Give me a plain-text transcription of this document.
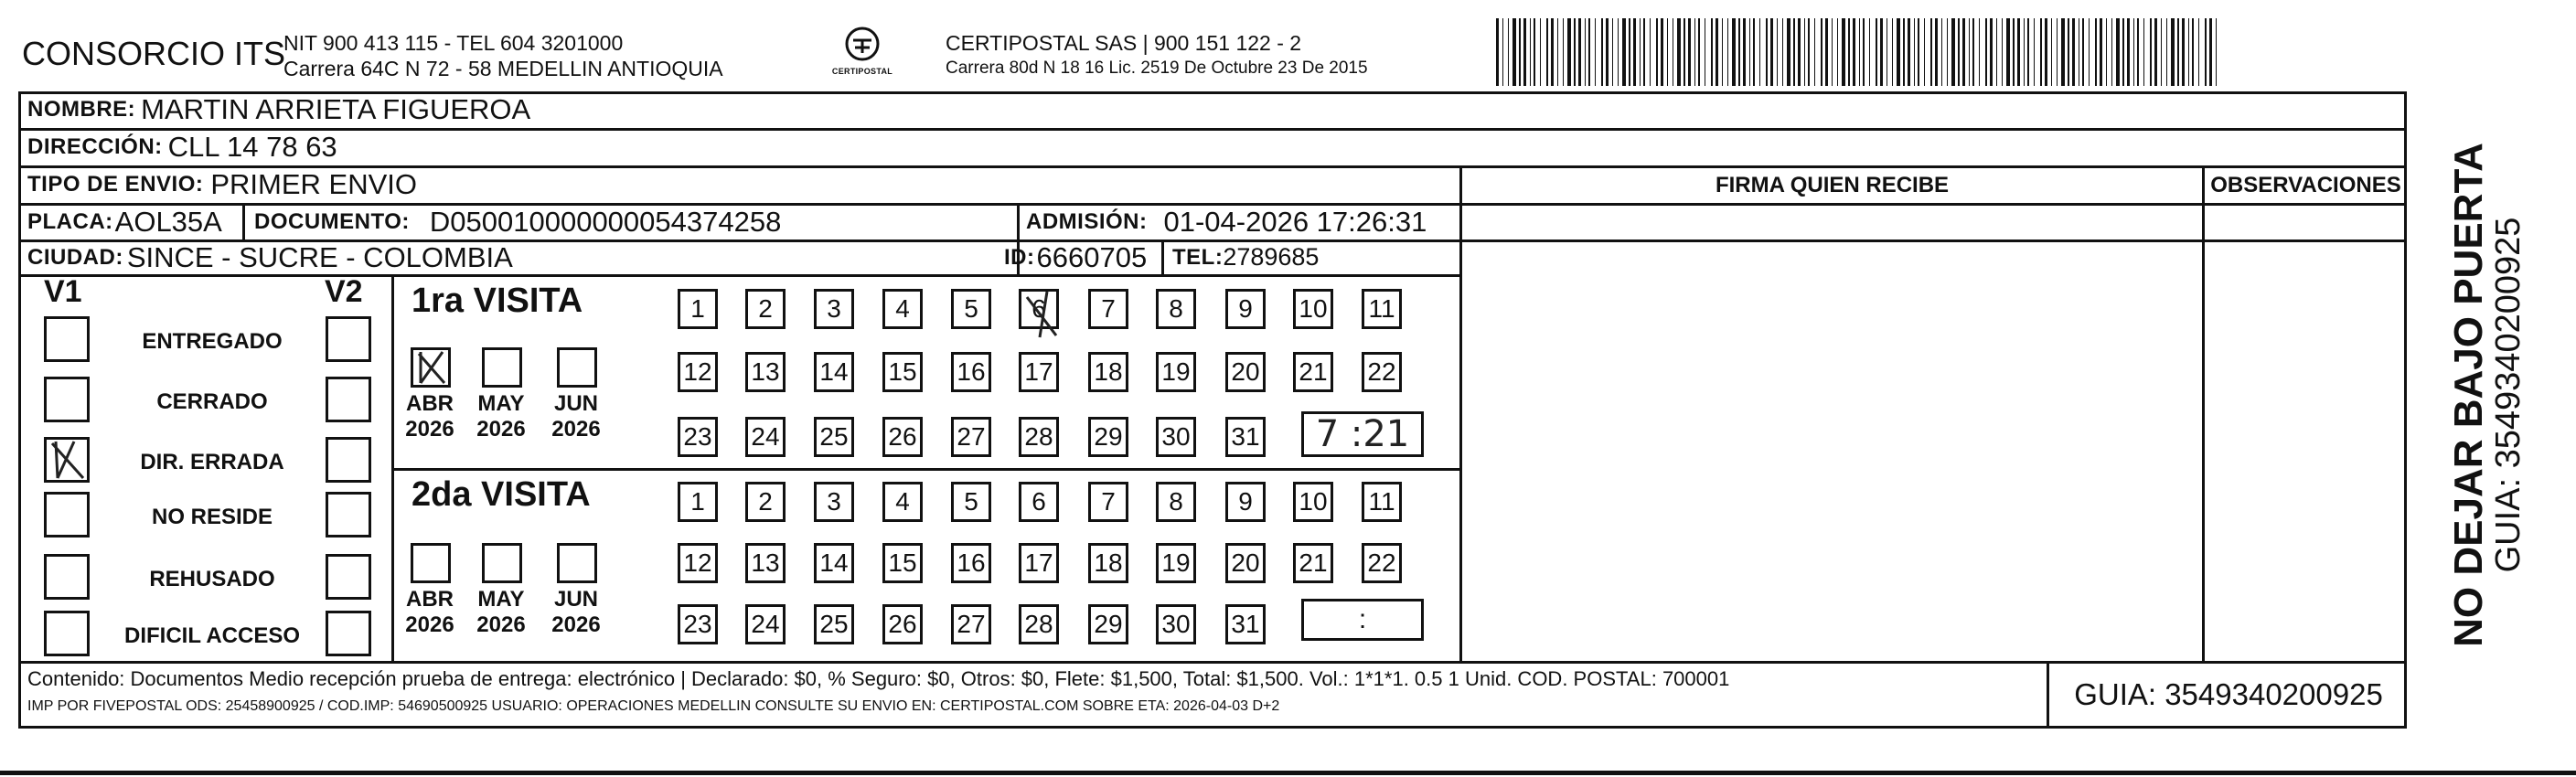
CONSORCIO ITS
NIT 900 413 115 - TEL 604 3201000
Carrera 64C N 72 - 58 MEDELLIN ANTIOQUIA	CERTIPOSTAL
CERTIPOSTAL SAS | 900 151 122 - 2
Carrera 80d N 18 16 Lic. 2519 De Octubre 23 De 2015
NOMBRE: MARTIN ARRIETA FIGUEROA
DIRECCIÓN: CLL 14 78 63
TIPO DE ENVIO: PRIMER ENVIO	FIRMA QUIEN RECIBE	OBSERVACIONES
PLACA: AOL35A DOCUMENTO: D050010000000054374258	ADMISIÓN: 01-04-2026 17:26:31
CIUDAD: SINCE - SUCRE - COLOMBIA	ID: 6660705 TEL: 2789685
V1	V2
ENTREGADO
CERRADO
DIR. ERRADA
NO RESIDE
REHUSADO
DIFICIL ACCESO
1ra VISITA
ABR
2026
MAY
2026
JUN
2026
1 2 3 4 5 6 7 8 9 10 11
12 13 14 15 16 17 18 19 20 21 22
23 24 25 26 27 28 29 30 31 7 :21
2da VISITA
ABR
2026
MAY
2026
JUN
2026
1 2 3 4 5 6 7 8 9 10 11
12 13 14 15 16 17 18 19 20 21 22
23 24 25 26 27 28 29 30 31	:
Contenido: Documentos Medio recepción prueba de entrega: electrónico | Declarado: $0, % Seguro: $0, Otros: $0, Flete: $1,500, Total: $1,500. Vol.: 1*1*1. 0.5 1 Unid. COD. POSTAL: 700001
IMP POR FIVEPOSTAL ODS: 25458900925 / COD.IMP: 54690500925 USUARIO: OPERACIONES MEDELLIN CONSULTE SU ENVIO EN: CERTIPOSTAL.COM SOBRE ETA: 2026-04-03 D+2	GUIA: 3549340200925
NO DEJAR BAJO PUERTA
GUIA: 3549340200925
